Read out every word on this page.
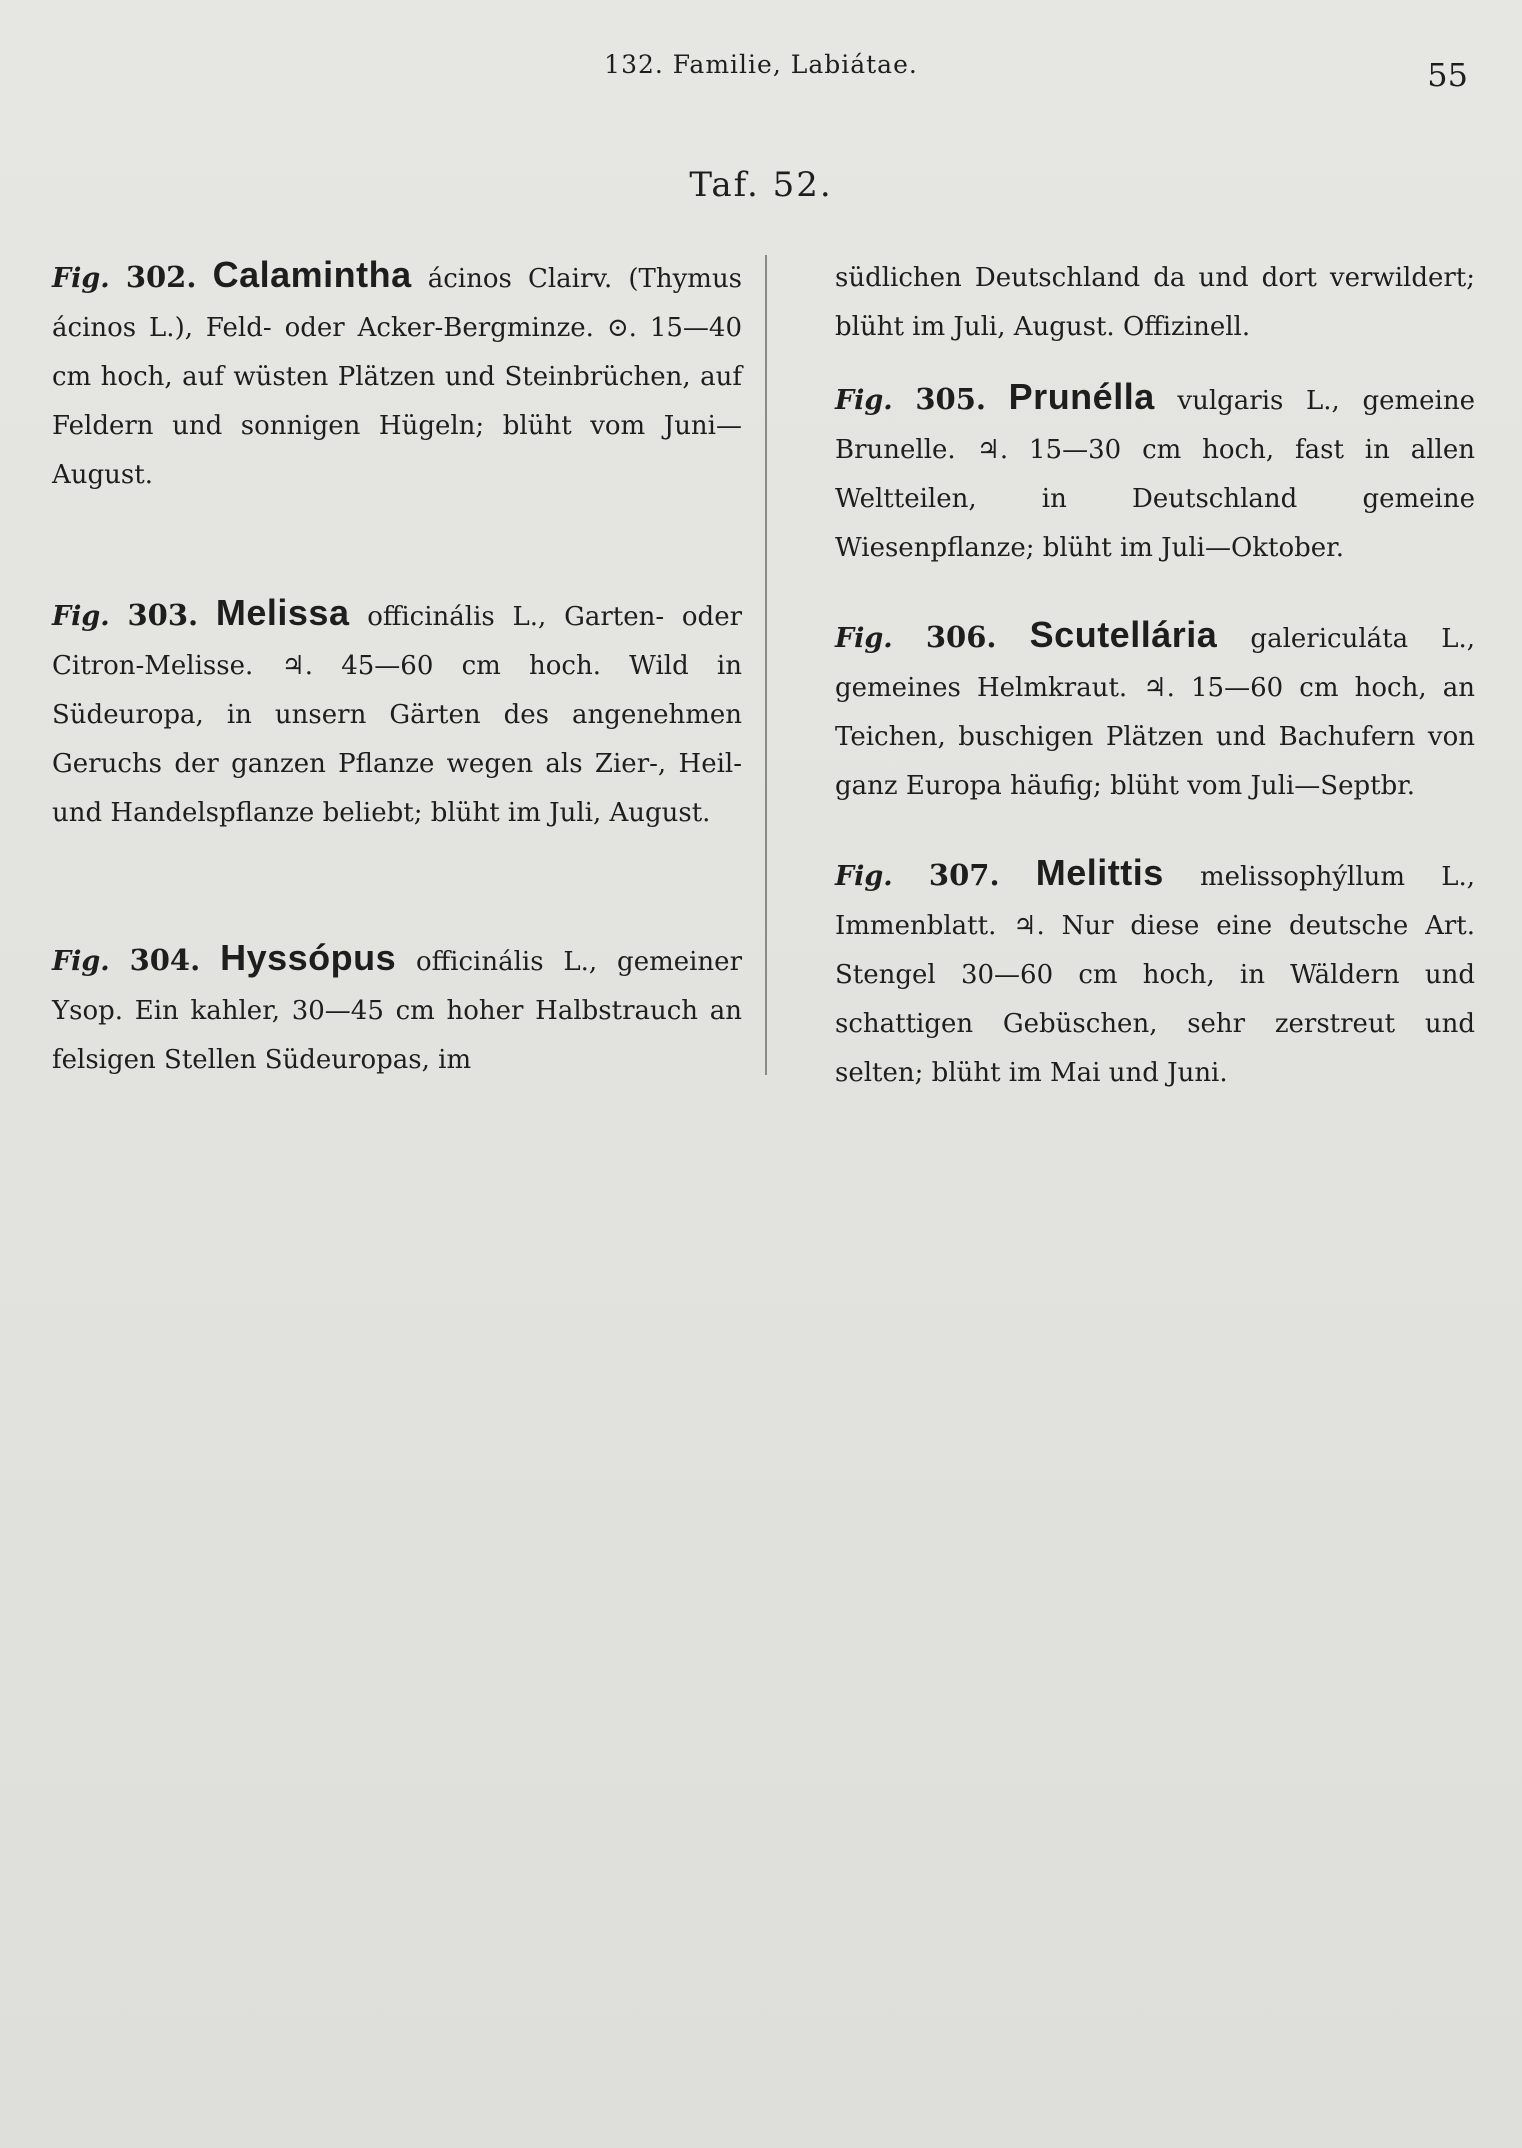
132. Familie, Labiátae.	55
Taf. 52.

Fig. 302. Calamintha ácinos Clairv. (Thymus ácinos L.), Feld- oder Acker-Bergminze. ⊙. 15—40 cm hoch, auf wüsten Plätzen und Steinbrüchen, auf Feldern und sonnigen Hügeln; blüht vom Juni—August.

Fig. 303. Melissa officinális L., Garten- oder Citron-Melisse. ♃. 45—60 cm hoch. Wild in Südeuropa, in unsern Gärten des angenehmen Geruchs der ganzen Pflanze wegen als Zier-, Heil- und Handelspflanze beliebt; blüht im Juli, August.

Fig. 304. Hyssópus officinális L., gemeiner Ysop. Ein kahler, 30—45 cm hoher Halbstrauch an felsigen Stellen Südeuropas, im

südlichen Deutschland da und dort verwildert; blüht im Juli, August. Offizinell.

Fig. 305. Prunélla vulgaris L., gemeine Brunelle. ♃. 15—30 cm hoch, fast in allen Weltteilen, in Deutschland gemeine Wiesenpflanze; blüht im Juli—Oktober.

Fig. 306. Scutellária galericuláta L., gemeines Helmkraut. ♃. 15—60 cm hoch, an Teichen, buschigen Plätzen und Bachufern von ganz Europa häufig; blüht vom Juli—Septbr.

Fig. 307. Melittis melissophýllum L., Immenblatt. ♃. Nur diese eine deutsche Art. Stengel 30—60 cm hoch, in Wäldern und schattigen Gebüschen, sehr zerstreut und selten; blüht im Mai und Juni.
